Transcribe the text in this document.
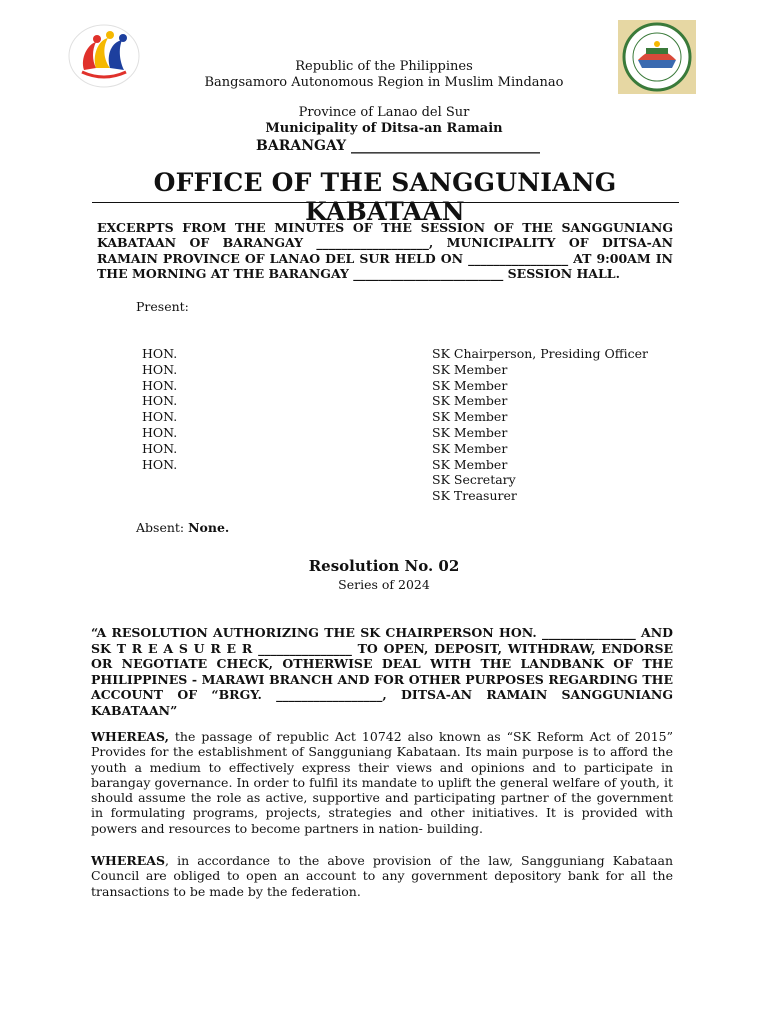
Republic of the Philippines
Bangsamoro Autonomous Region in Muslim Mindanao
Province of Lanao del Sur
Municipality of Ditsa-an Ramain
BARANGAY ___________________________
OFFICE OF THE SANGGUNIANG KABATAAN
EXCERPTS FROM THE MINUTES OF THE SESSION OF THE SANGGUNIANG KABATAAN OF BARANGAY __________________, MUNICIPALITY OF DITSA-AN RAMAIN PROVINCE OF LANAO DEL SUR HELD ON ________________ AT 9:00AM IN THE MORNING AT THE BARANGAY ________________________ SESSION HALL.
Present:
HON.
HON.
HON.
HON.
HON.
HON.
HON.
HON.
SK Chairperson, Presiding Officer
SK Member
SK Member
SK Member
SK Member
SK Member
SK Member
SK Member
SK Secretary
SK Treasurer
Absent: None.
Resolution No. 02
Series of 2024
“A RESOLUTION AUTHORIZING THE SK CHAIRPERSON HON. _______________ AND SK T R E A S U R E R _______________ TO OPEN, DEPOSIT, WITHDRAW, ENDORSE OR NEGOTIATE CHECK, OTHERWISE DEAL WITH THE LANDBANK OF THE PHILIPPINES - MARAWI BRANCH AND FOR OTHER PURPOSES REGARDING THE ACCOUNT OF “BRGY. _________________, DITSA-AN RAMAIN SANGGUNIANG KABATAAN”
WHEREAS, the passage of republic Act 10742 also known as “SK Reform Act of 2015” Provides for the establishment of Sangguniang Kabataan. Its main purpose is to afford the youth a medium to effectively express their views and opinions and to participate in barangay governance. In order to fulfil its mandate to uplift the general welfare of youth, it should assume the role as active, supportive and participating partner of the government in formulating programs, projects, strategies and other initiatives. It is provided with powers and resources to become partners in nation- building.
WHEREAS, in accordance to the above provision of the law, Sangguniang Kabataan Council are obliged to open an account to any government depository bank for all the transactions to be made by the federation.
